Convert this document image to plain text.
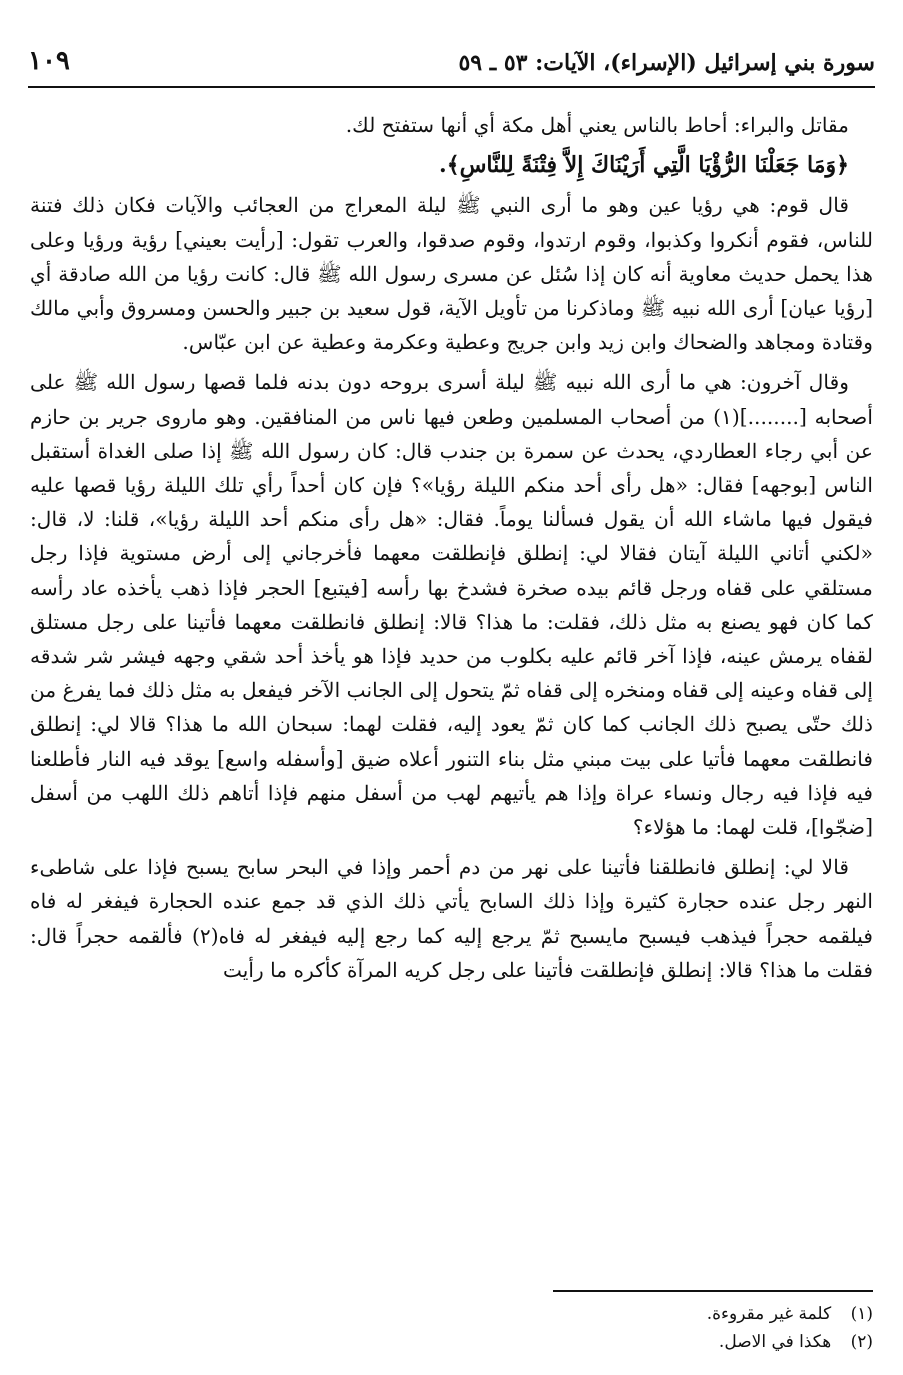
سورة بني إسرائيل (الإسراء)، الآيات: ٥٣ ـ ٥٩
١٠٩

مقاتل والبراء: أحاط بالناس يعني أهل مكة أي أنها ستفتح لك.

﴿وَمَا جَعَلْنَا الرُّؤْيَا الَّتِي أَرَيْنَاكَ إِلاَّ فِتْنَةً لِلنَّاسِ﴾.

قال قوم: هي رؤيا عين وهو ما أرى النبي ﷺ ليلة المعراج من العجائب والآيات فكان ذلك فتنة للناس، فقوم أنكروا وكذبوا، وقوم ارتدوا، وقوم صدقوا، والعرب تقول: [رأيت بعيني] رؤية ورؤيا وعلى هذا يحمل حديث معاوية أنه كان إذا سُئل عن مسرى رسول الله ﷺ قال: كانت رؤيا من الله صادقة أي [رؤيا عيان] أرى الله نبيه ﷺ وماذكرنا من تأويل الآية، قول سعيد بن جبير والحسن ومسروق وأبي مالك وقتادة ومجاهد والضحاك وابن زيد وابن جريج وعطية وعكرمة وعطية عن ابن عبّاس.

وقال آخرون: هي ما أرى الله نبيه ﷺ ليلة أسرى بروحه دون بدنه فلما قصها رسول الله ﷺ على أصحابه [........](١) من أصحاب المسلمين وطعن فيها ناس من المنافقين. وهو ماروى جرير بن حازم عن أبي رجاء العطاردي، يحدث عن سمرة بن جندب قال: كان رسول الله ﷺ إذا صلى الغداة أستقبل الناس [بوجهه] فقال: «هل رأى أحد منكم الليلة رؤيا»؟ فإن كان أحداً رأي تلك الليلة رؤيا قصها عليه فيقول فيها ماشاء الله أن يقول فسألنا يوماً. فقال: «هل رأى منكم أحد الليلة رؤيا»، قلنا: لا، قال: «لكني أتاني الليلة آيتان فقالا لي: إنطلق فإنطلقت معهما فأخرجاني إلى أرض مستوية فإذا رجل مستلقي على قفاه ورجل قائم بيده صخرة فشدخ بها رأسه [فيتبع] الحجر فإذا ذهب يأخذه عاد رأسه كما كان فهو يصنع به مثل ذلك، فقلت: ما هذا؟ قالا: إنطلق فانطلقت معهما فأتينا على رجل مستلق لقفاه يرمش عينه، فإذا آخر قائم عليه بكلوب من حديد فإذا هو يأخذ أحد شقي وجهه فيشر شر شدقه إلى قفاه وعينه إلى قفاه ومنخره إلى قفاه ثمّ يتحول إلى الجانب الآخر فيفعل به مثل ذلك فما يفرغ من ذلك حتّى يصبح ذلك الجانب كما كان ثمّ يعود إليه، فقلت لهما: سبحان الله ما هذا؟ قالا لي: إنطلق فانطلقت معهما فأتيا على بيت مبني مثل بناء التنور أعلاه ضيق [وأسفله واسع] يوقد فيه النار فأطلعنا فيه فإذا فيه رجال ونساء عراة وإذا هم يأتيهم لهب من أسفل منهم فإذا أتاهم ذلك اللهب من أسفل [ضجّوا]، قلت لهما: ما هؤلاء؟

قالا لي: إنطلق فانطلقنا فأتينا على نهر من دم أحمر وإذا في البحر سابح يسبح فإذا على شاطىء النهر رجل عنده حجارة كثيرة وإذا ذلك السابح يأتي ذلك الذي قد جمع عنده الحجارة فيفغر له فاه فيلقمه حجراً فيذهب فيسبح مايسبح ثمّ يرجع إليه كما رجع إليه فيفغر له فاه(٢) فألقمه حجراً قال: فقلت ما هذا؟ قالا: إنطلق فإنطلقت فأتينا على رجل كريه المرآة كأكره ما رأيت

(١) كلمة غير مقروءة.
(٢) هكذا في الاصل.
